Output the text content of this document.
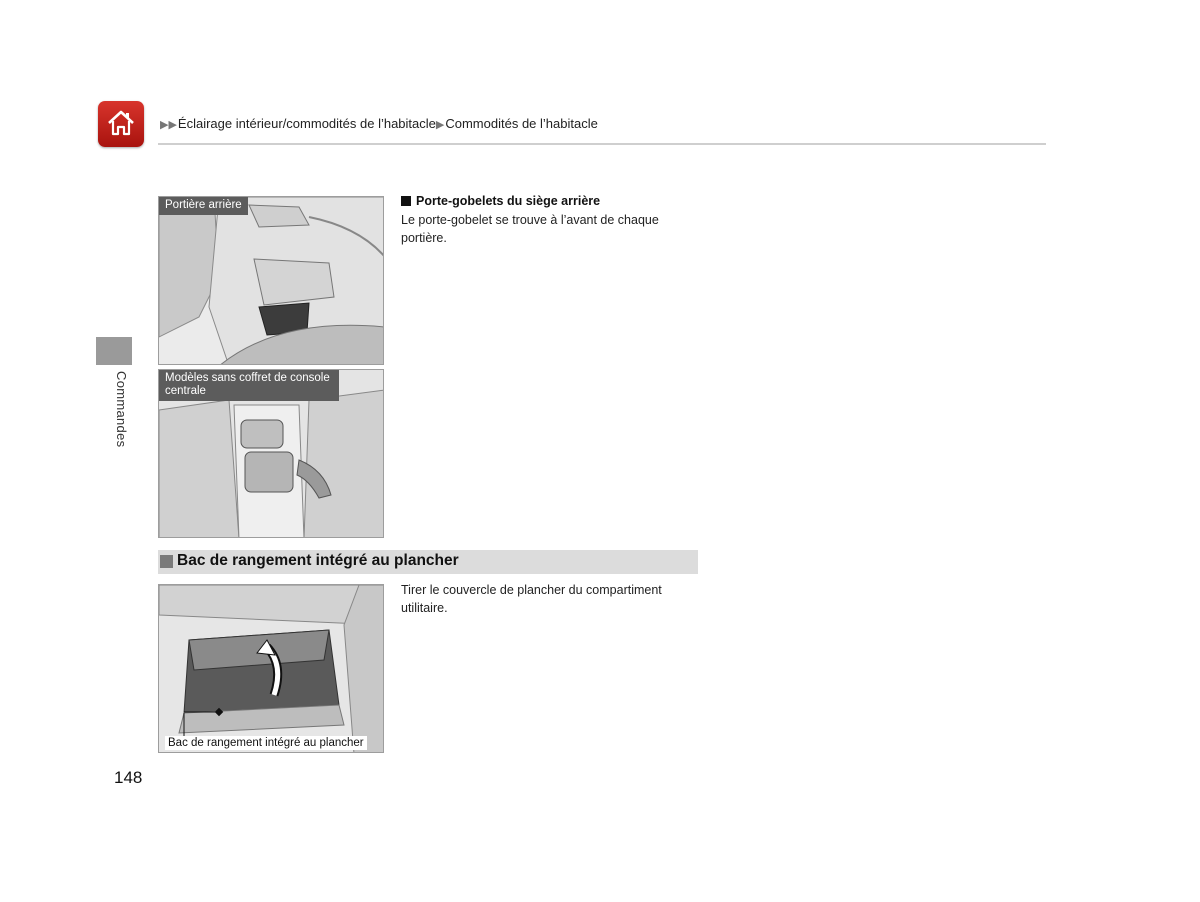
▶▶Éclairage intérieur/commodités de l’habitacle▶Commodités de l’habitacle
Commandes
Portière arrière
Modèles sans coffret de console centrale
Porte-gobelets du siège arrière
Le porte-gobelet se trouve à l’avant de chaque portière.
Bac de rangement intégré au plancher
Bac de rangement intégré au plancher
Tirer le couvercle de plancher du compartiment utilitaire.
148
